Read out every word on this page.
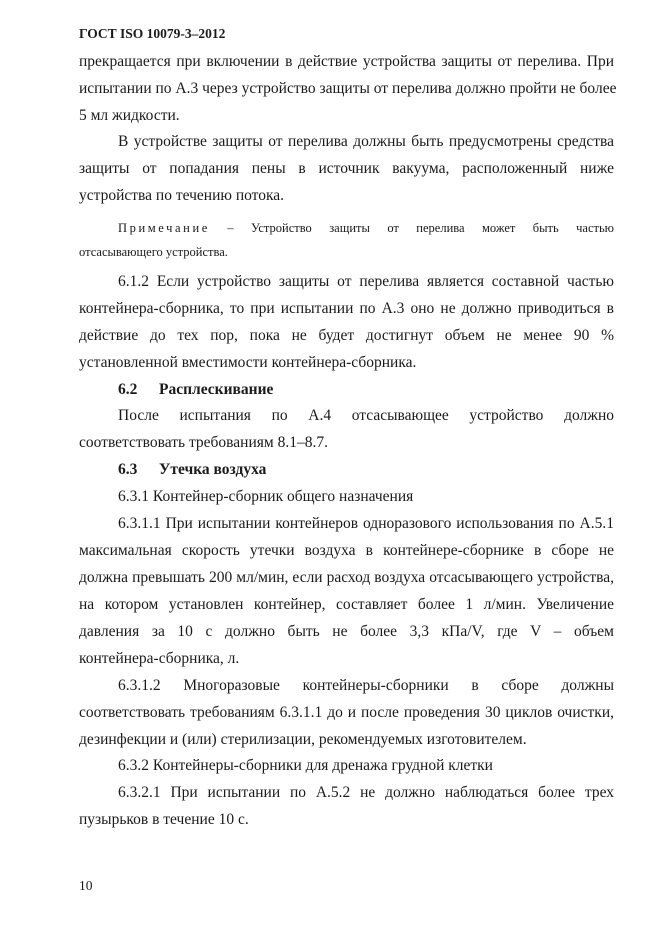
ГОСТ ISO 10079-3–2012
прекращается при включении в действие устройства защиты от перелива. При
испытании по А.3 через устройство защиты от перелива должно пройти не более
5 мл жидкости.
В устройстве защиты от перелива должны быть предусмотрены средства
защиты от попадания пены в источник вакуума, расположенный ниже
устройства по течению потока.
Примечание – Устройство защиты от перелива может быть частью
отсасывающего устройства.
6.1.2 Если устройство защиты от перелива является составной частью
контейнера-сборника, то при испытании по А.3 оно не должно приводиться в
действие до тех пор, пока не будет достигнут объем не менее 90 %
установленной вместимости контейнера-сборника.
6.2 Расплескивание
После испытания по А.4 отсасывающее устройство должно
соответствовать требованиям 8.1–8.7.
6.3 Утечка воздуха
6.3.1 Контейнер-сборник общего назначения
6.3.1.1 При испытании контейнеров одноразового использования по А.5.1
максимальная скорость утечки воздуха в контейнере-сборнике в сборе не
должна превышать 200 мл/мин, если расход воздуха отсасывающего устройства,
на котором установлен контейнер, составляет более 1 л/мин. Увеличение
давления за 10 с должно быть не более 3,3 кПа/V, где V – объем
контейнера-сборника, л.
6.3.1.2 Многоразовые контейнеры-сборники в сборе должны
соответствовать требованиям 6.3.1.1 до и после проведения 30 циклов очистки,
дезинфекции и (или) стерилизации, рекомендуемых изготовителем.
6.3.2 Контейнеры-сборники для дренажа грудной клетки
6.3.2.1 При испытании по А.5.2 не должно наблюдаться более трех
пузырьков в течение 10 с.
10
